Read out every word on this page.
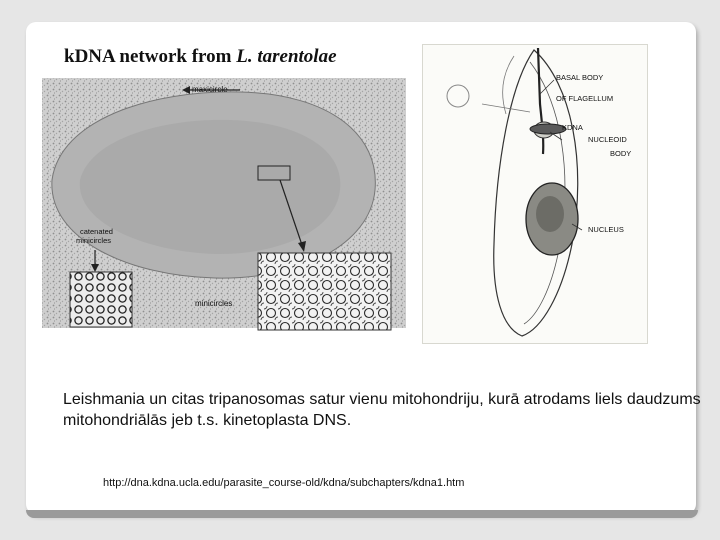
maxicircle
catenated
minicircles
minicircles

kDNA network from L. tarentolae

BASAL BODY
OF FLAGELLUM
KDNA
NUCLEOID
BODY
NUCLEUS

Leishmania un citas tripanosomas satur vienu mitohondriju, kurā atrodams liels daudzums mitohondriālās jeb t.s. kinetoplasta DNS.

http://dna.kdna.ucla.edu/parasite_course-old/kdna/subchapters/kdna1.htm
